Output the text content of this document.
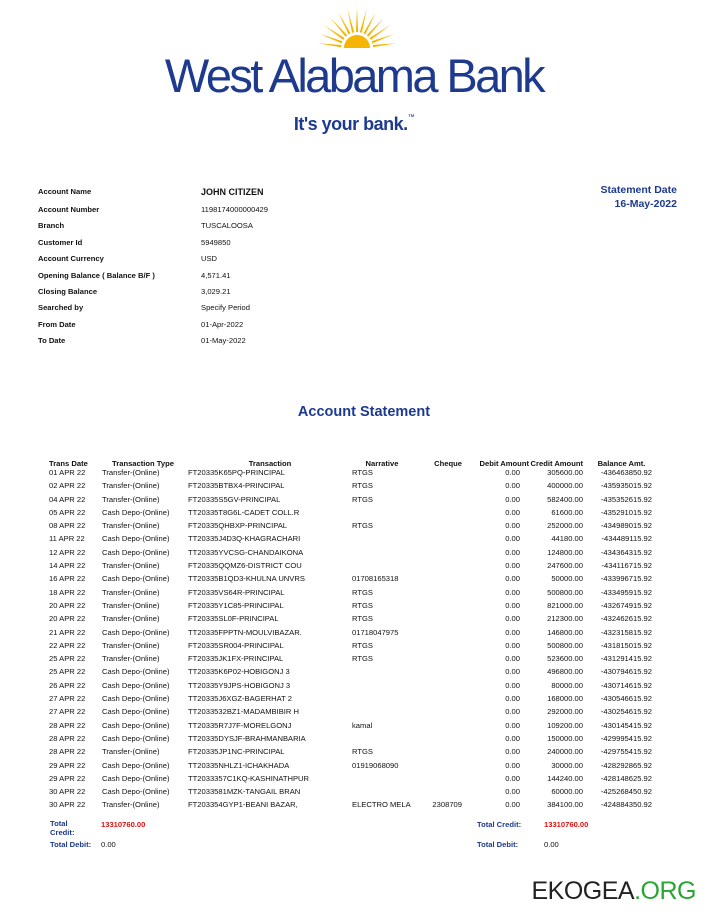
West Alabama Bank
It's your bank.™
Account Name	JOHN CITIZEN
Account Number	1198174000000429
Branch	TUSCALOOSA
Customer Id	5949850
Account Currency	USD
Opening Balance ( Balance B/F )	4,571.41
Closing Balance	3,029.21
Searched by	Specify Period
From Date	01-Apr-2022
To Date	01-May-2022
Statement Date
16-May-2022
Account Statement
Trans Date	Transaction Type	Transaction	Narrative	Cheque	Debit Amount	Credit Amount	Balance Amt.
01 APR 22	Transfer-(Online)	FT20335K65PQ-PRINCIPAL	RTGS		0.00	305600.00	-436463850.92
02 APR 22	Transfer-(Online)	FT20335BTBX4-PRINCIPAL	RTGS		0.00	400000.00	-435935015.92
04 APR 22	Transfer-(Online)	FT20335S5GV-PRINCIPAL	RTGS		0.00	582400.00	-435352615.92
05 APR 22	Cash Depo-(Online)	TT20335T8G6L-CADET COLL.R			0.00	61600.00	-435291015.92
08 APR 22	Transfer-(Online)	FT20335QHBXP-PRINCIPAL	RTGS		0.00	252000.00	-434989015.92
11 APR 22	Cash Depo-(Online)	TT20335J4D3Q-KHAGRACHARI			0.00	44180.00	-434489115.92
12 APR 22	Cash Depo-(Online)	TT20335YVCSG-CHANDAIKONA			0.00	124800.00	-434364315.92
14 APR 22	Transfer-(Online)	FT20335QQMZ6-DISTRICT COU			0.00	247600.00	-434116715.92
16 APR 22	Cash Depo-(Online)	TT20335B1QD3-KHULNA UNVRS	01708165318		0.00	50000.00	-433996715.92
18 APR 22	Transfer-(Online)	FT20335VS64R-PRINCIPAL	RTGS		0.00	500800.00	-433495915.92
20 APR 22	Transfer-(Online)	FT20335Y1C85-PRINCIPAL	RTGS		0.00	821000.00	-432674915.92
20 APR 22	Transfer-(Online)	FT20335SL0F-PRINCIPAL	RTGS		0.00	212300.00	-432462615.92
21 APR 22	Cash Depo-(Online)	TT20335FPPTN-MOULVIBAZAR.	01718047975		0.00	146800.00	-432315815.92
22 APR 22	Transfer-(Online)	FT20335SR004-PRINCIPAL	RTGS		0.00	500800.00	-431815015.92
25 APR 22	Transfer-(Online)	FT20335JK1FX-PRINCIPAL	RTGS		0.00	523600.00	-431291415.92
25 APR 22	Cash Depo-(Online)	TT20335K6P02-HOBIGONJ 3			0.00	496800.00	-430794615.92
26 APR 22	Cash Depo-(Online)	TT20335Y9JPS-HOBIGONJ 3			0.00	80000.00	-430714615.92
27 APR 22	Cash Depo-(Online)	TT20335J6XGZ-BAGERHAT 2			0.00	168000.00	-430546615.92
27 APR 22	Cash Depo-(Online)	TT2033532BZ1-MADAMBIBIR H			0.00	292000.00	-430254615.92
28 APR 22	Cash Depo-(Online)	TT20335R7J7F-MORELGONJ	kamal		0.00	109200.00	-430145415.92
28 APR 22	Cash Depo-(Online)	TT20335DYSJF-BRAHMANBARIA			0.00	150000.00	-429995415.92
28 APR 22	Transfer-(Online)	FT20335JP1NC-PRINCIPAL	RTGS		0.00	240000.00	-429755415.92
29 APR 22	Cash Depo-(Online)	TT20335NHLZ1-ICHAKHADA	01919068090		0.00	30000.00	-428292865.92
29 APR 22	Cash Depo-(Online)	TT2033357C1KQ-KASHINATHPUR			0.00	144240.00	-428148625.92
30 APR 22	Cash Depo-(Online)	TT2033581MZK-TANGAIL BRAN			0.00	60000.00	-425268450.92
30 APR 22	Transfer-(Online)	FT203354GYP1-BEANI BAZAR,	ELECTRO MELA	2308709	0.00	384100.00	-424884350.92
Total
Credit:
13310760.00
Total Debit: 0.00
Total Credit:	13310760.00
Total Debit:	0.00
EKOGEA.ORG
